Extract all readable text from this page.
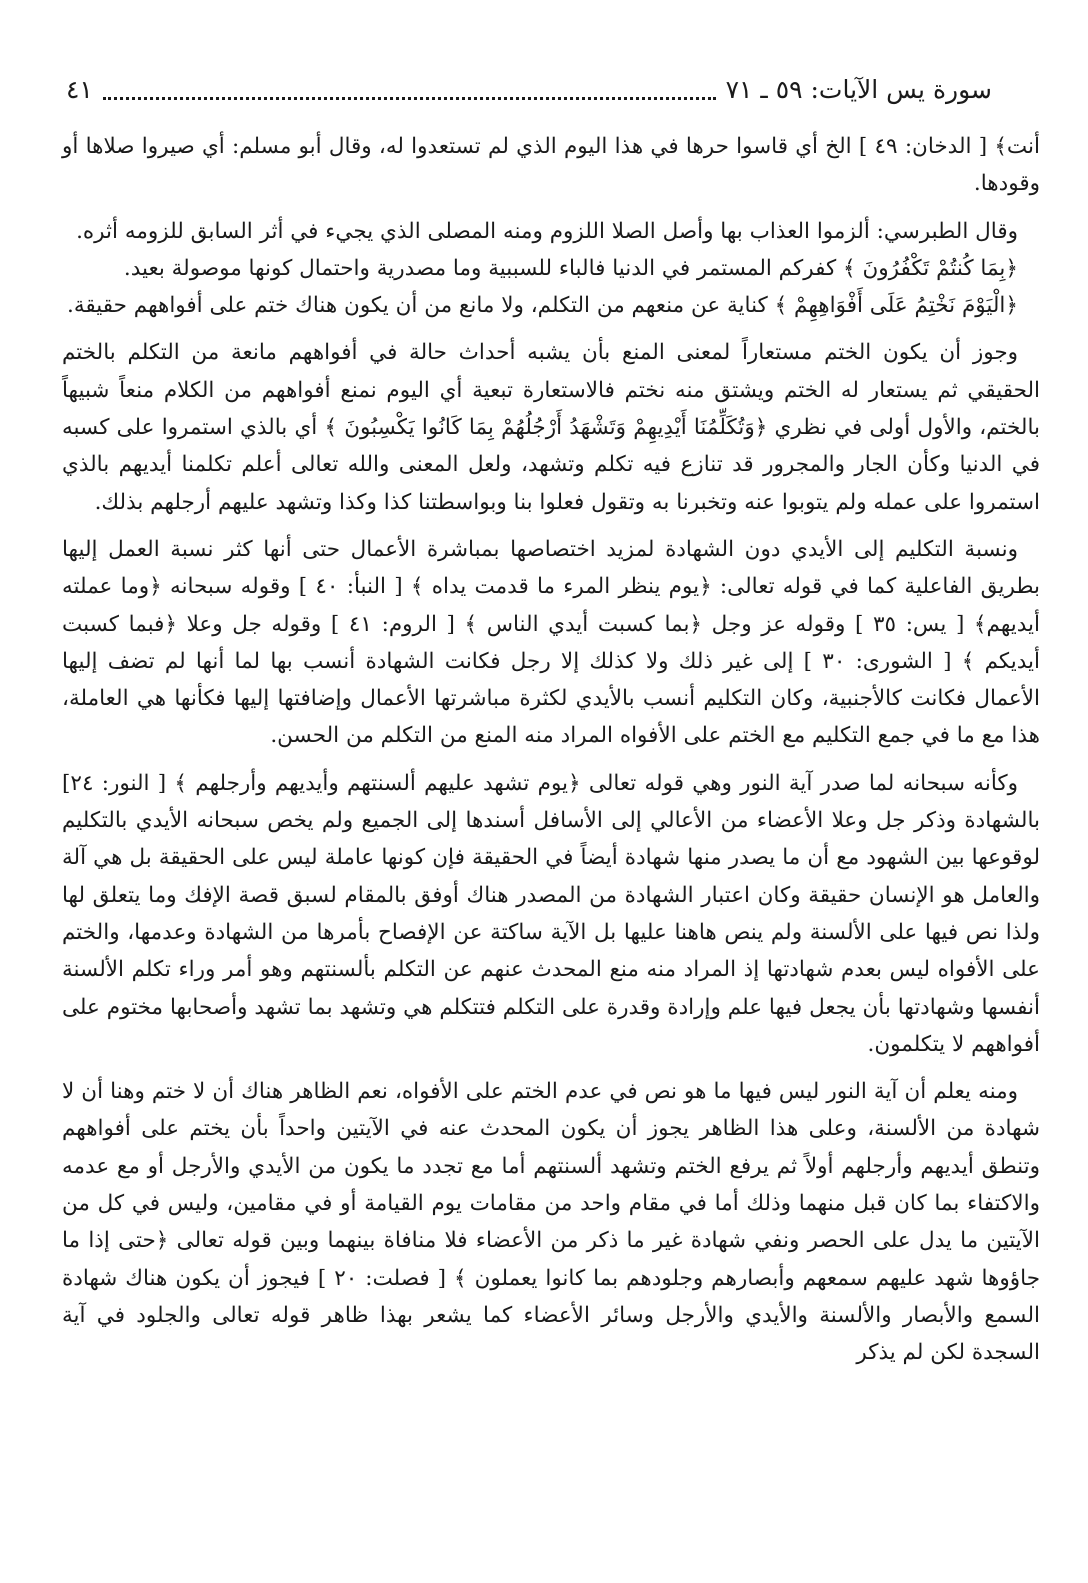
سورة يس الآيات: ٥٩ ـ ٧١
٤١

أنت﴾ [ الدخان: ٤٩ ] الخ أي قاسوا حرها في هذا اليوم الذي لم تستعدوا له، وقال أبو مسلم: أي صيروا صلاها أو وقودها.

وقال الطبرسي: ألزموا العذاب بها وأصل الصلا اللزوم ومنه المصلى الذي يجيء في أثر السابق للزومه أثره.

﴿بِمَا كُنتُمْ تَكْفُرُونَ ﴾ كفركم المستمر في الدنيا فالباء للسببية وما مصدرية واحتمال كونها موصولة بعيد.

﴿الْيَوْمَ نَخْتِمُ عَلَى أَفْوَاهِهِمْ ﴾ كناية عن منعهم من التكلم، ولا مانع من أن يكون هناك ختم على أفواههم حقيقة.

وجوز أن يكون الختم مستعاراً لمعنى المنع بأن يشبه أحداث حالة في أفواههم مانعة من التكلم بالختم الحقيقي ثم يستعار له الختم ويشتق منه نختم فالاستعارة تبعية أي اليوم نمنع أفواههم من الكلام منعاً شبيهاً بالختم، والأول أولى في نظري ﴿وَتُكَلِّمُنَا أَيْدِيهِمْ وَتَشْهَدُ أَرْجُلُهُمْ بِمَا كَانُوا يَكْسِبُونَ ﴾ أي بالذي استمروا على كسبه في الدنيا وكأن الجار والمجرور قد تنازع فيه تكلم وتشهد، ولعل المعنى والله تعالى أعلم تكلمنا أيديهم بالذي استمروا على عمله ولم يتوبوا عنه وتخبرنا به وتقول فعلوا بنا وبواسطتنا كذا وكذا وتشهد عليهم أرجلهم بذلك.

ونسبة التكليم إلى الأيدي دون الشهادة لمزيد اختصاصها بمباشرة الأعمال حتى أنها كثر نسبة العمل إليها بطريق الفاعلية كما في قوله تعالى: ﴿يوم ينظر المرء ما قدمت يداه ﴾ [ النبأ: ٤٠ ] وقوله سبحانه ﴿وما عملته أيديهم﴾ [ يس: ٣٥ ] وقوله عز وجل ﴿بما كسبت أيدي الناس ﴾ [ الروم: ٤١ ] وقوله جل وعلا ﴿فبما كسبت أيديكم ﴾ [ الشورى: ٣٠ ] إلى غير ذلك ولا كذلك إلا رجل فكانت الشهادة أنسب بها لما أنها لم تضف إليها الأعمال فكانت كالأجنبية، وكان التكليم أنسب بالأيدي لكثرة مباشرتها الأعمال وإضافتها إليها فكأنها هي العاملة، هذا مع ما في جمع التكليم مع الختم على الأفواه المراد منه المنع من التكلم من الحسن.

وكأنه سبحانه لما صدر آية النور وهي قوله تعالى ﴿يوم تشهد عليهم ألسنتهم وأيديهم وأرجلهم ﴾ [ النور: ٢٤] بالشهادة وذكر جل وعلا الأعضاء من الأعالي إلى الأسافل أسندها إلى الجميع ولم يخص سبحانه الأيدي بالتكليم لوقوعها بين الشهود مع أن ما يصدر منها شهادة أيضاً في الحقيقة فإن كونها عاملة ليس على الحقيقة بل هي آلة والعامل هو الإنسان حقيقة وكان اعتبار الشهادة من المصدر هناك أوفق بالمقام لسبق قصة الإفك وما يتعلق لها ولذا نص فيها على الألسنة ولم ينص هاهنا عليها بل الآية ساكتة عن الإفصاح بأمرها من الشهادة وعدمها، والختم على الأفواه ليس بعدم شهادتها إذ المراد منه منع المحدث عنهم عن التكلم بألسنتهم وهو أمر وراء تكلم الألسنة أنفسها وشهادتها بأن يجعل فيها علم وإرادة وقدرة على التكلم فتتكلم هي وتشهد بما تشهد وأصحابها مختوم على أفواههم لا يتكلمون.

ومنه يعلم أن آية النور ليس فيها ما هو نص في عدم الختم على الأفواه، نعم الظاهر هناك أن لا ختم وهنا أن لا شهادة من الألسنة، وعلى هذا الظاهر يجوز أن يكون المحدث عنه في الآيتين واحداً بأن يختم على أفواههم وتنطق أيديهم وأرجلهم أولاً ثم يرفع الختم وتشهد ألسنتهم أما مع تجدد ما يكون من الأيدي والأرجل أو مع عدمه والاكتفاء بما كان قبل منهما وذلك أما في مقام واحد من مقامات يوم القيامة أو في مقامين، وليس في كل من الآيتين ما يدل على الحصر ونفي شهادة غير ما ذكر من الأعضاء فلا منافاة بينهما وبين قوله تعالى ﴿حتى إذا ما جاؤوها شهد عليهم سمعهم وأبصارهم وجلودهم بما كانوا يعملون ﴾ [ فصلت: ٢٠ ] فيجوز أن يكون هناك شهادة السمع والأبصار والألسنة والأيدي والأرجل وسائر الأعضاء كما يشعر بهذا ظاهر قوله تعالى والجلود في آية السجدة لكن لم يذكر
